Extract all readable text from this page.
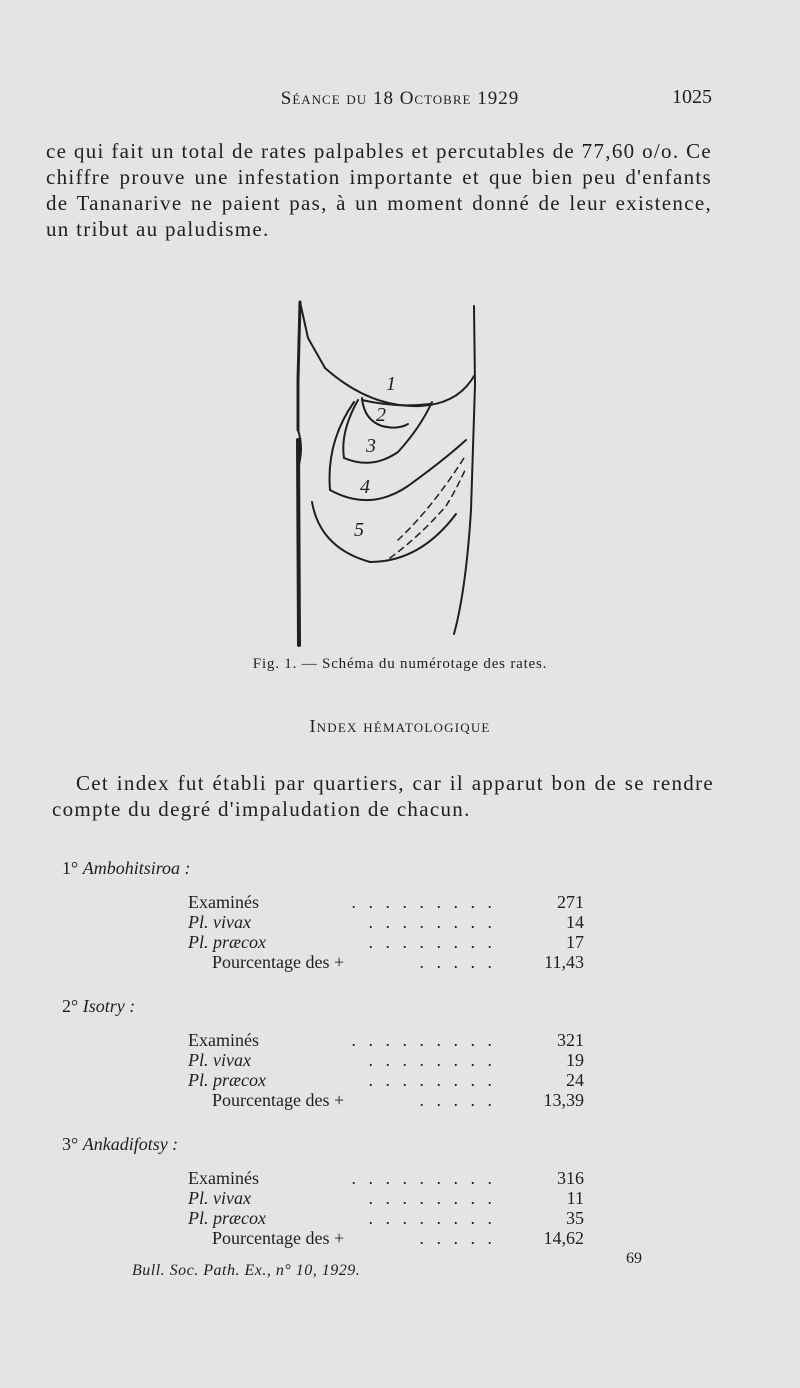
Séance du 18 Octobre 1929	1025
ce qui fait un total de rates palpables et percutables de 77,60 o/o. Ce chiffre prouve une infestation importante et que bien peu d'enfants de Tananarive ne paient pas, à un moment donné de leur existence, un tribut au paludisme.
1
2
3
4
5
Fig. 1. — Schéma du numérotage des rates.
Index hématologique
Cet index fut établi par quartiers, car il apparut bon de se rendre compte du degré d'impaludation de chacun.
1° Ambohitsiroa :
Examinés	. . . . . . . . .	271
Pl. vivax	. . . . . . . .	14
Pl. præcox	. . . . . . . .	17
Pourcentage des +	. . . . .	11,43
2° Isotry :
Examinés	. . . . . . . . .	321
Pl. vivax	. . . . . . . .	19
Pl. præcox	. . . . . . . .	24
Pourcentage des +	. . . . .	13,39
3° Ankadifotsy :
Examinés	. . . . . . . . .	316
Pl. vivax	. . . . . . . .	11
Pl. præcox	. . . . . . . .	35
Pourcentage des +	. . . . .	14,62
Bull. Soc. Path. Ex., n° 10, 1929.
69
